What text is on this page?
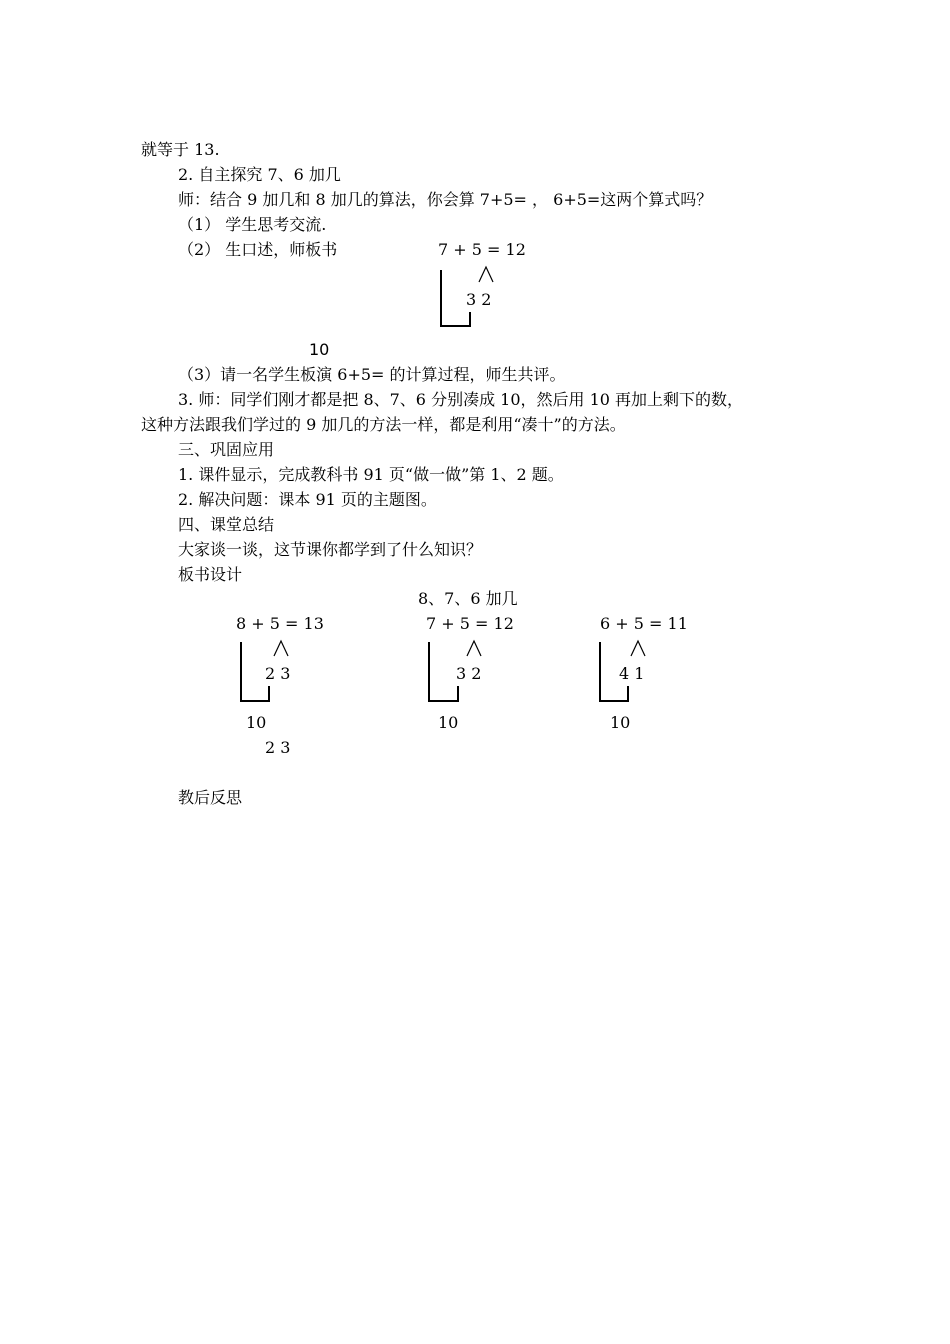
就等于 13.
2. 自主探究 7、6 加几
师：结合 9 加几和 8 加几的算法，你会算 7+5= ， 6+5=这两个算式吗？
（1） 学生思考交流.
（2） 生口述，师板书	7 + 5 = 12
3 2
10
（3）请一名学生板演 6+5= 的计算过程，师生共评。
3. 师：同学们刚才都是把 8、7、6 分别凑成 10，然后用 10 再加上剩下的数，
这种方法跟我们学过的 9 加几的方法一样，都是利用“凑十”的方法。
三、巩固应用
1. 课件显示，完成教科书 91 页“做一做”第 1、2 题。
2. 解决问题：课本 91 页的主题图。
四、课堂总结
大家谈一谈，这节课你都学到了什么知识？
板书设计
8、7、6 加几
8 + 5 = 13
2 3
10
2 3
7 + 5 = 12
3 2
10
6 + 5 = 11
4 1
10
教后反思
